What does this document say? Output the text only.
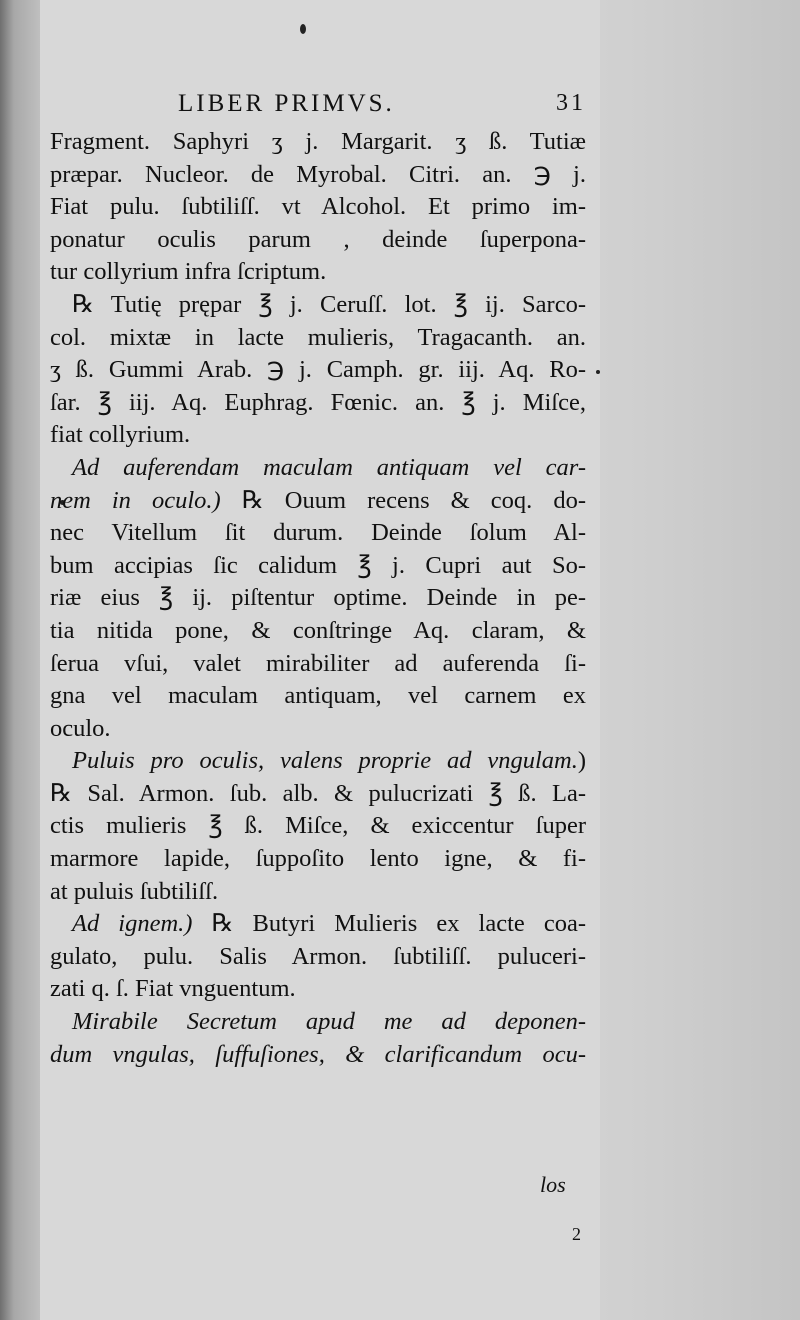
LIBER PRIMVS.	31
Fragment. Saphyri ʒ j. Margarit. ʒ ß. Tutiæ
præpar. Nucleor. de Myrobal. Citri. an. ℈ j.
Fiat pulu. ſubtiliſſ. vt Alcohol. Et primo im-
ponatur oculis parum , deinde ſuperpona-
tur collyrium infra ſcriptum.
℞ Tutię prępar ℥ j. Ceruſſ. lot. ℥ ij. Sarco-
col. mixtæ in lacte mulieris, Tragacanth. an.
ʒ ß. Gummi Arab. ℈ j. Camph. gr. iij. Aq. Ro-
ſar. ℥ iij. Aq. Euphrag. Fœnic. an. ℥ j. Miſce,
fiat collyrium.
Ad auferendam maculam antiquam vel car-
nem in oculo.) ℞ Ouum recens & coq. do-
nec Vitellum ſit durum. Deinde ſolum Al-
bum accipias ſic calidum ℥ j. Cupri aut So-
riæ eius ℥ ij. piſtentur optime. Deinde in pe-
tia nitida pone, & conſtringe Aq. claram, &
ſerua vſui, valet mirabiliter ad auferenda ſi-
gna vel maculam antiquam, vel carnem ex
oculo.
Puluis pro oculis, valens proprie ad vngulam.)
℞ Sal. Armon. ſub. alb. & pulucrizati ℥ ß. La-
ctis mulieris ℥ ß. Miſce, & exiccentur ſuper
marmore lapide, ſuppoſito lento igne, & fi-
at puluis ſubtiliſſ.
Ad ignem.) ℞ Butyri Mulieris ex lacte coa-
gulato, pulu. Salis Armon. ſubtiliſſ. puluceri-
zati q. ſ. Fiat vnguentum.
Mirabile Secretum apud me ad deponen-
dum vngulas, ſuffuſiones, & clarificandum ocu-
los
2
